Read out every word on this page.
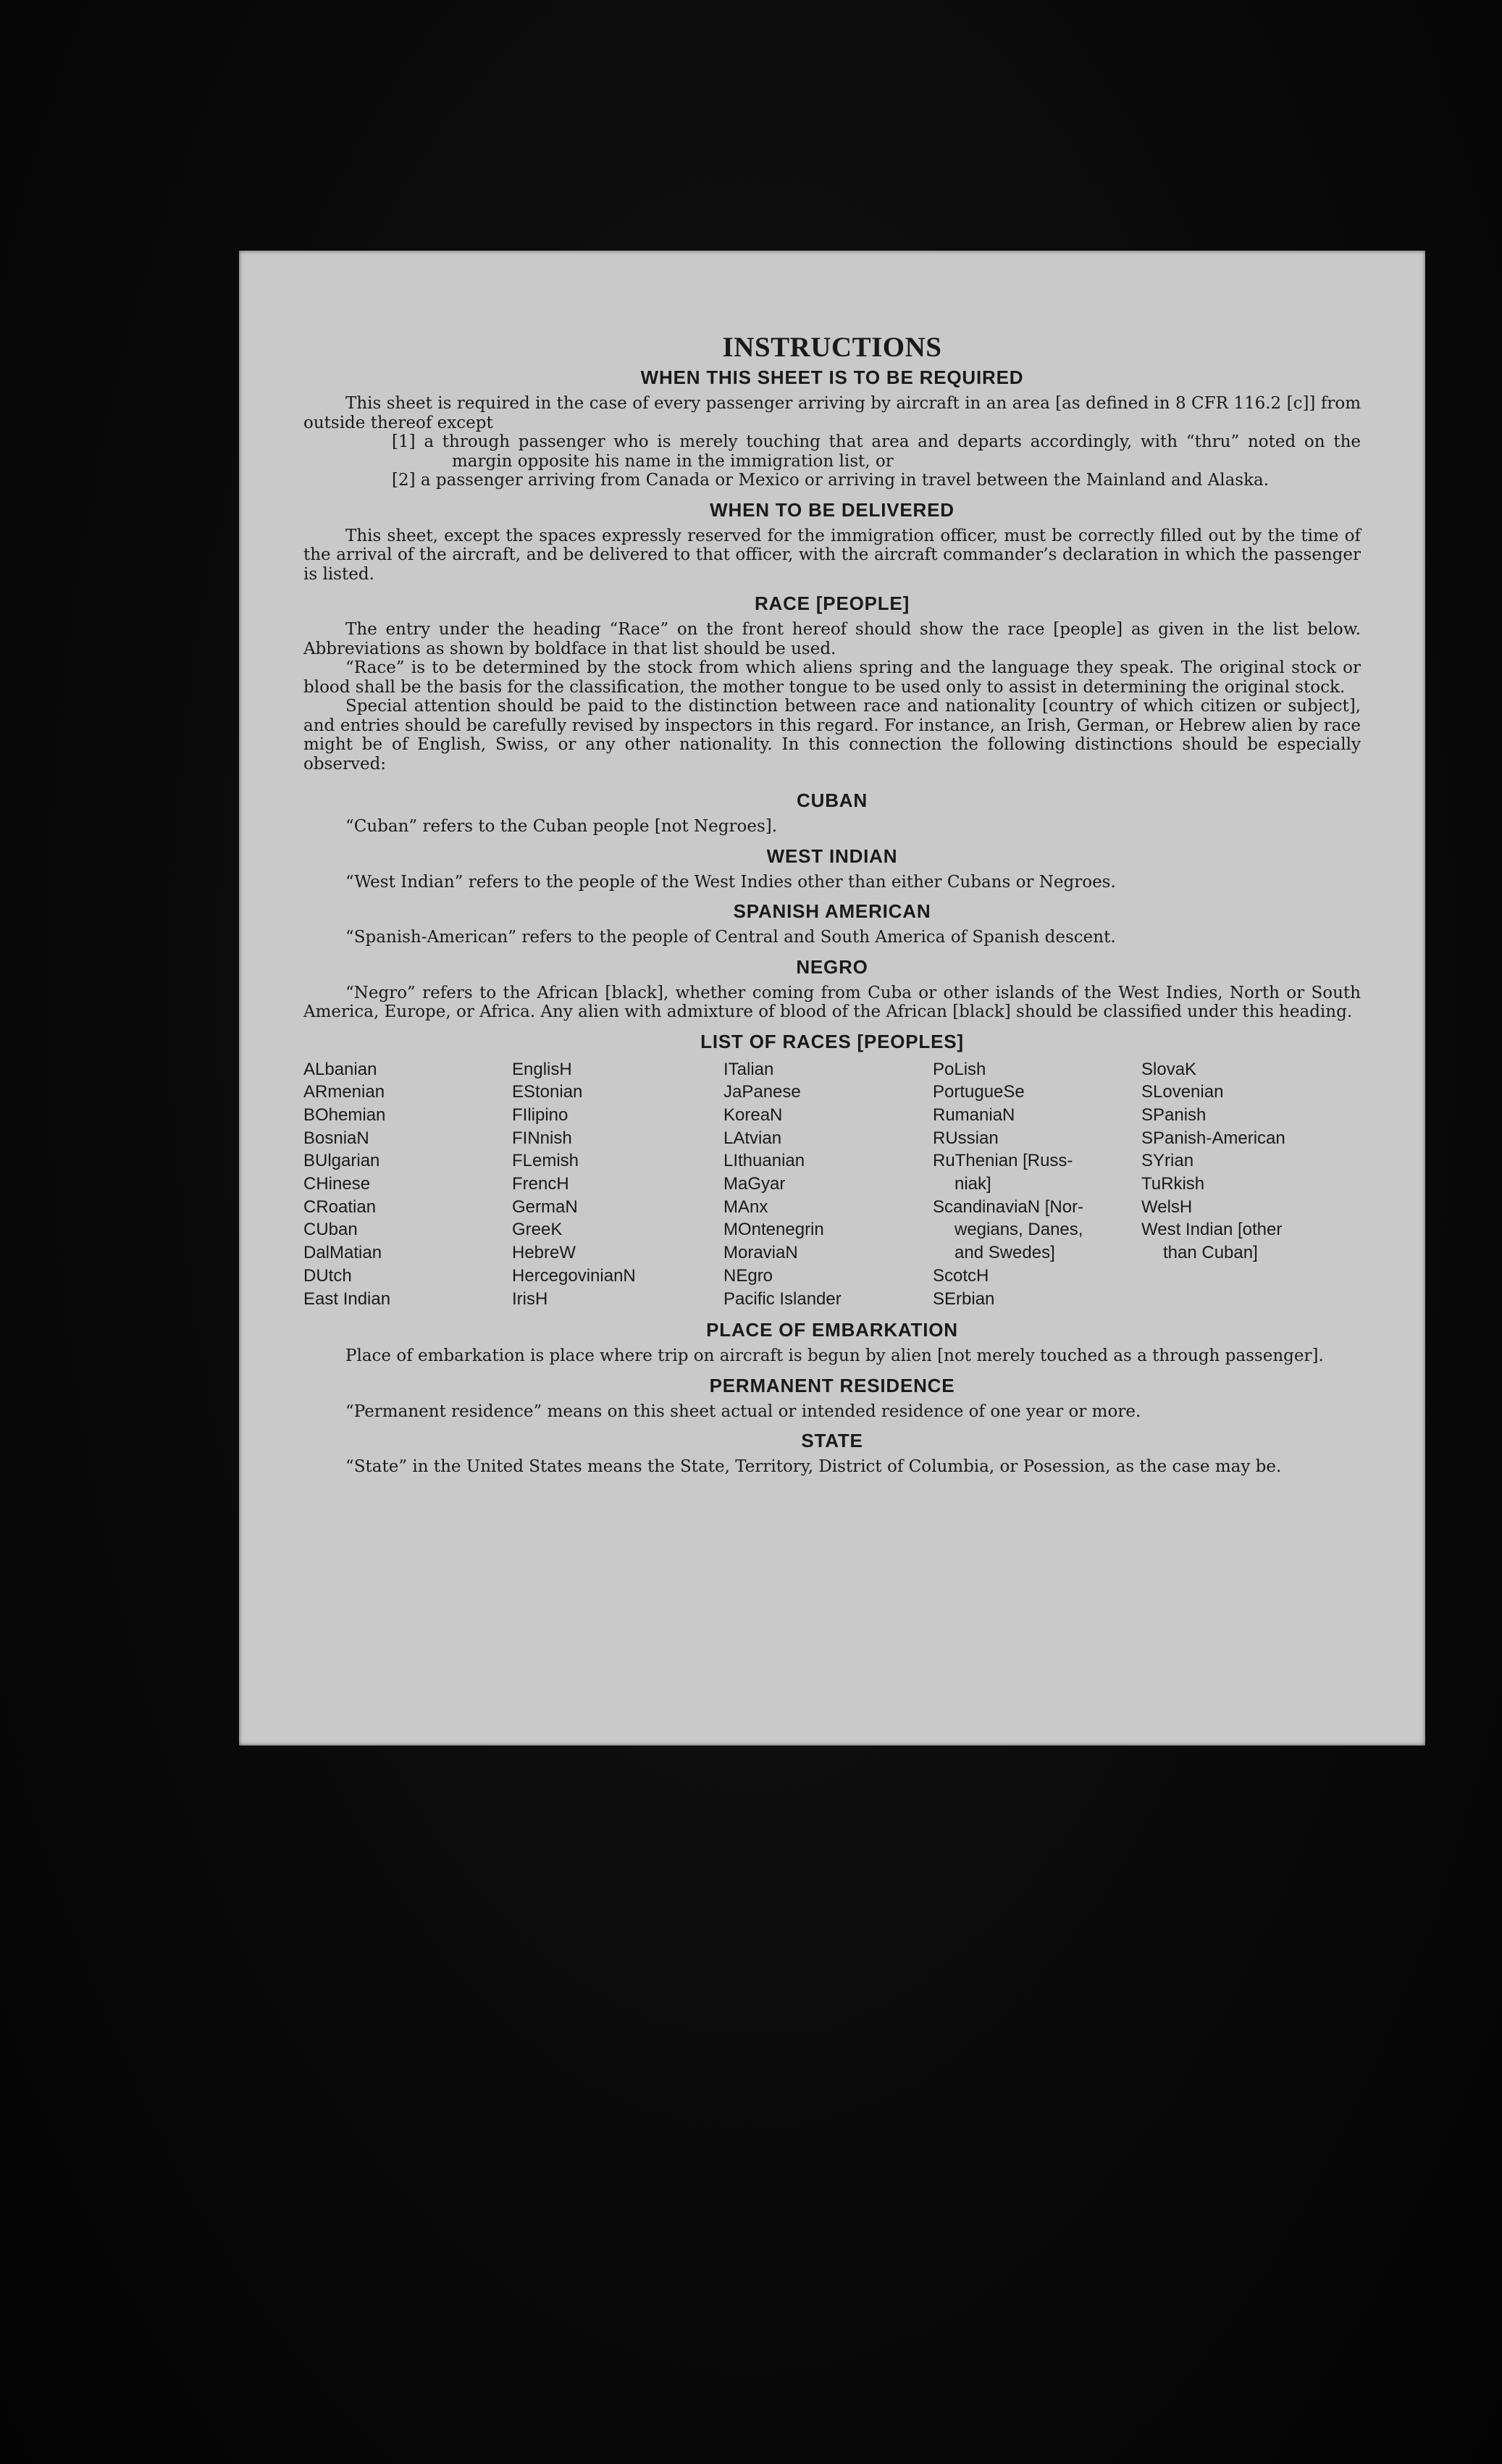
INSTRUCTIONS
WHEN THIS SHEET IS TO BE REQUIRED

This sheet is required in the case of every passenger arriving by aircraft in an area [as defined in 8 CFR 116.2 [c]] from outside thereof except

[1] a through passenger who is merely touching that area and departs accordingly, with “thru” noted on the margin opposite his name in the immigration list, or

[2] a passenger arriving from Canada or Mexico or arriving in travel between the Mainland and Alaska.

WHEN TO BE DELIVERED

This sheet, except the spaces expressly reserved for the immigration officer, must be correctly filled out by the time of the arrival of the aircraft, and be delivered to that officer, with the aircraft commander’s declaration in which the passenger is listed.

RACE [PEOPLE]

The entry under the heading “Race” on the front hereof should show the race [people] as given in the list below. Abbreviations as shown by boldface in that list should be used.

“Race” is to be determined by the stock from which aliens spring and the language they speak. The original stock or blood shall be the basis for the classification, the mother tongue to be used only to assist in determining the original stock.

Special attention should be paid to the distinction between race and nationality [country of which citizen or subject], and entries should be carefully revised by inspectors in this regard. For instance, an Irish, German, or Hebrew alien by race might be of English, Swiss, or any other nationality. In this connection the following distinctions should be especially observed:

CUBAN

“Cuban” refers to the Cuban people [not Negroes].

WEST INDIAN

“West Indian” refers to the people of the West Indies other than either Cubans or Negroes.

SPANISH AMERICAN

“Spanish-American” refers to the people of Central and South America of Spanish descent.

NEGRO

“Negro” refers to the African [black], whether coming from Cuba or other islands of the West Indies, North or South America, Europe, or Africa. Any alien with admixture of blood of the African [black] should be classified under this heading.

LIST OF RACES [PEOPLES]
ALbanian	EnglisH	ITalian	PoLish	SlovaK
ARmenian	EStonian	JaPanese	PortugueSe	SLovenian
BOhemian	FIlipino	KoreaN	RumaniaN	SPanish
BosniaN	FINnish	LAtvian	RUssian	SPanish-American
BUlgarian	FLemish	LIthuanian	RuThenian [Russ-	SYrian
CHinese	FrencH	MaGyar	niak]	TuRkish
CRoatian	GermaN	MAnx	ScandinaviaN [Nor-	WelsH
CUban	GreeK	MOntenegrin	wegians, Danes,	West Indian [other
DalMatian	HebreW	MoraviaN	and Swedes]	than Cuban]
DUtch	HercegovinianN	NEgro	ScotcH
East Indian	IrisH	Pacific Islander	SErbian
PLACE OF EMBARKATION

Place of embarkation is place where trip on aircraft is begun by alien [not merely touched as a through passenger].

PERMANENT RESIDENCE

“Permanent residence” means on this sheet actual or intended residence of one year or more.

STATE

“State” in the United States means the State, Territory, District of Columbia, or Posession, as the case may be.
